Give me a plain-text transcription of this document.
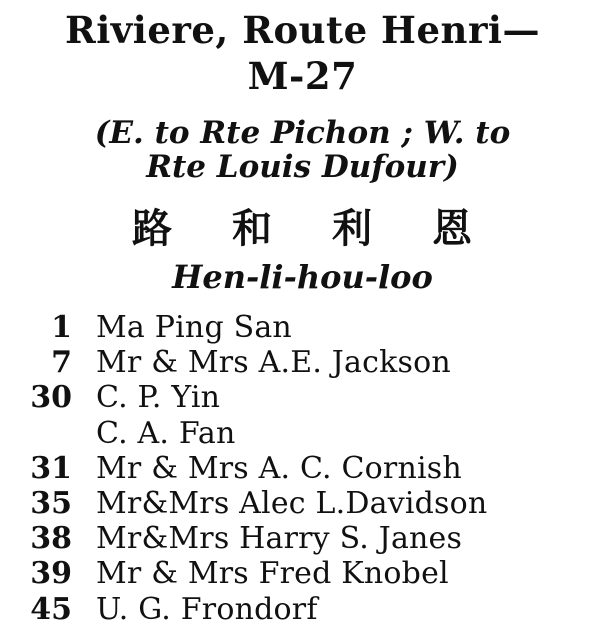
Riviere, Route Henri—
M-27
(E. to Rte Pichon ; W. to
Rte Louis Dufour)
路 和 利 恩
Hen-li-hou-loo
1 Ma Ping San
7 Mr & Mrs A.E. Jackson
30 C. P. Yin
C. A. Fan
31 Mr & Mrs A. C. Cornish
35 Mr&Mrs Alec L.Davidson
38 Mr&Mrs Harry S. Janes
39 Mr & Mrs Fred Knobel
45 U. G. Frondorf
